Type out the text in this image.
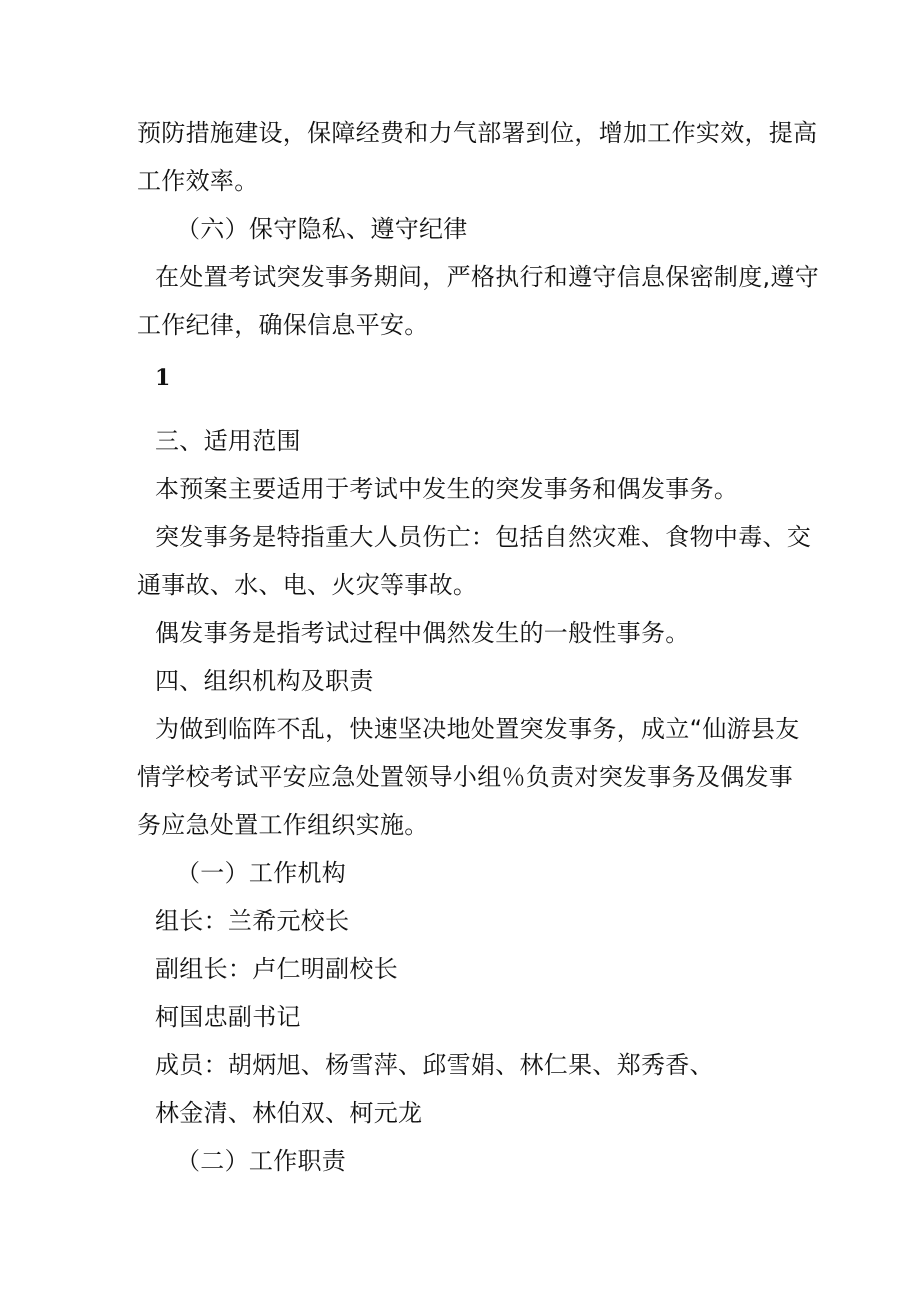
预防措施建设，保障经费和力气部署到位，增加工作实效，提高
工作效率。
（六）保守隐私、遵守纪律
在处置考试突发事务期间，严格执行和遵守信息保密制度,遵守
工作纪律，确保信息平安。
1
三、适用范围
本预案主要适用于考试中发生的突发事务和偶发事务。
突发事务是特指重大人员伤亡：包括自然灾难、食物中毒、交
通事故、水、电、火灾等事故。
偶发事务是指考试过程中偶然发生的一般性事务。
四、组织机构及职责
为做到临阵不乱，快速坚决地处置突发事务，成立“仙游县友
情学校考试平安应急处置领导小组％负责对突发事务及偶发事
务应急处置工作组织实施。
（一）工作机构
组长：兰希元校长
副组长：卢仁明副校长
柯国忠副书记
成员：胡炳旭、杨雪萍、邱雪娟、林仁果、郑秀香、
林金清、林伯双、柯元龙
（二）工作职责
